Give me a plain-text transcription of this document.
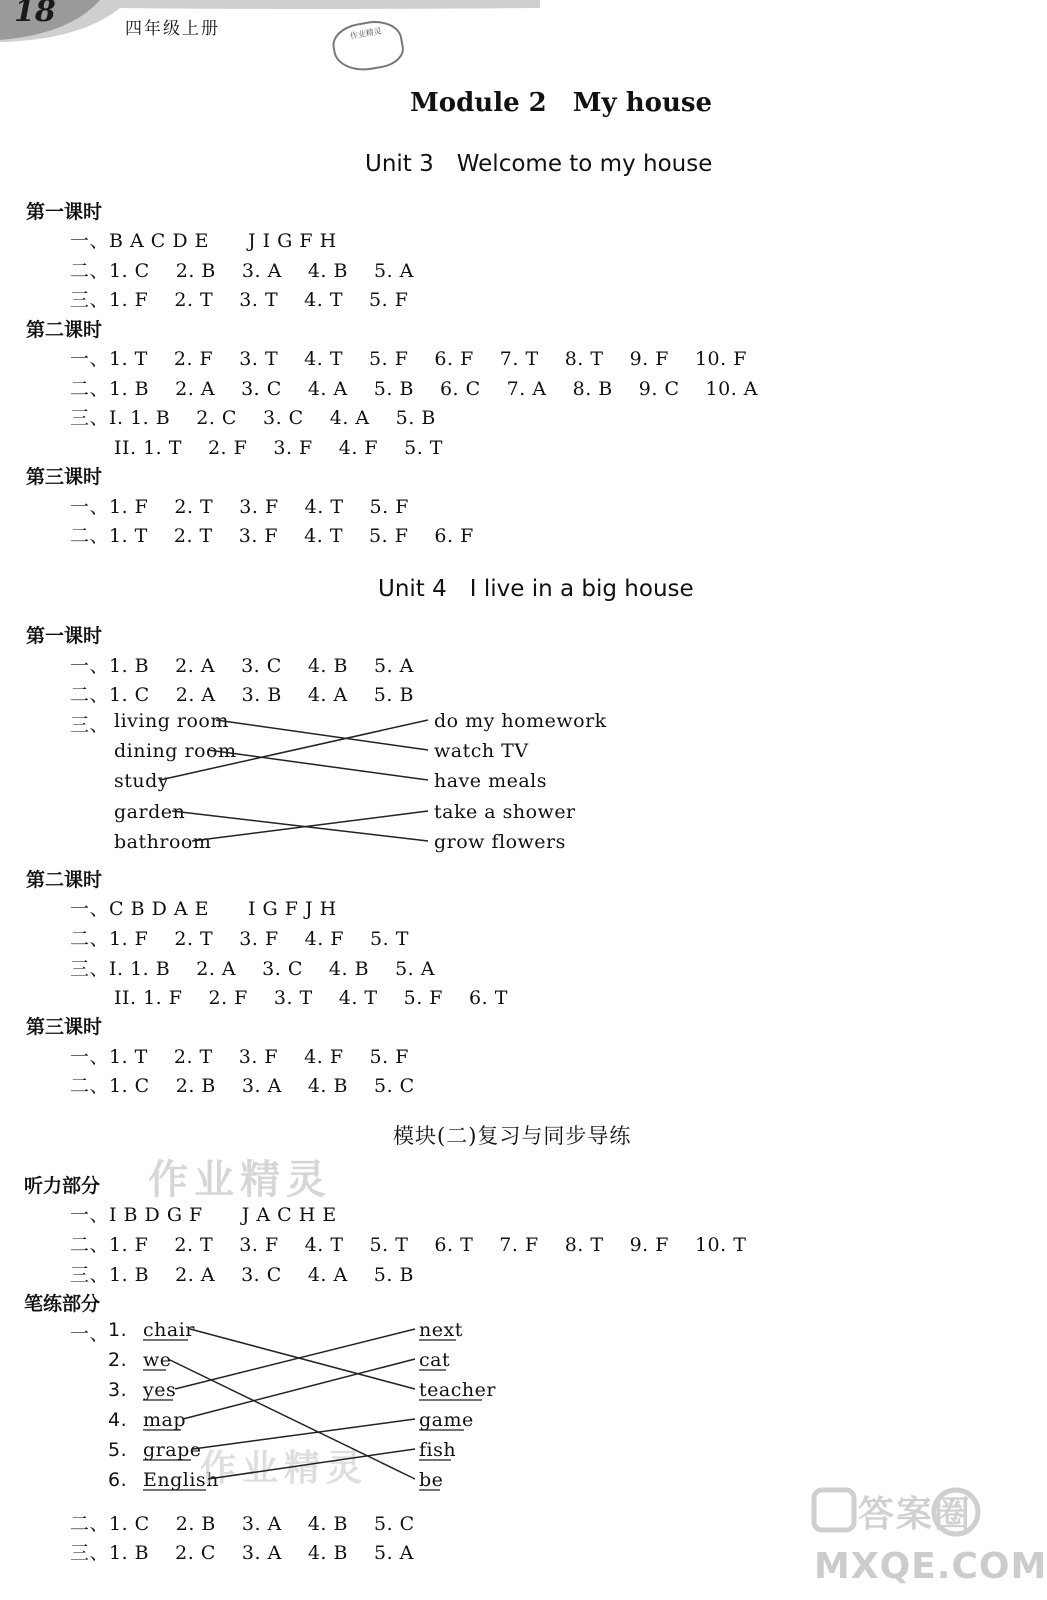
18	四年级上册	作业精灵
Module 2　My house
Unit 3　Welcome to my house
第一课时
一、B A C D E　　J I G F H
二、1. C　 2. B　 3. A　 4. B　 5. A
三、1. F　 2. T　 3. T　 4. T　 5. F
第二课时
一、1. T　 2. F　 3. T　 4. T　 5. F　 6. F　 7. T　 8. T　 9. F　 10. F
二、1. B　 2. A　 3. C　 4. A　 5. B　 6. C　 7. A　 8. B　 9. C　 10. A
三、I. 1. B　 2. C　 3. C　 4. A　 5. B
II. 1. T　 2. F　 3. F　 4. F　 5. T
第三课时
一、1. F　 2. T　 3. F　 4. T　 5. F
二、1. T　 2. T　 3. F　 4. T　 5. F　 6. F
Unit 4　I live in a big house
第一课时
一、1. B　 2. A　 3. C　 4. B　 5. A
二、1. C　 2. A　 3. B　 4. A　 5. B
三、 living room
dining room
study
garden
bathroom
do my homework
watch TV
have meals
take a shower
grow flowers
第二课时
一、C B D A E　　I G F J H
二、1. F　 2. T　 3. F　 4. F　 5. T
三、I. 1. B　 2. A　 3. C　 4. B　 5. A
II. 1. F　 2. F　 3. T　 4. T　 5. F　 6. T
第三课时
一、1. T　 2. T　 3. F　 4. F　 5. F
二、1. C　 2. B　 3. A　 4. B　 5. C
模块(二)复习与同步导练
作业精灵
听力部分
一、I B D G F　　J A C H E
二、1. F　 2. T　 3. F　 4. T　 5. T　 6. T　 7. F　 8. T　 9. F　 10. T
三、1. B　 2. A　 3. C　 4. A　 5. B
笔练部分
一、
1.
2.
3.
4.
5.
6.
chair
we
yes
map
grape
English
next
cat
teacher
game
fish
be
作业精灵
二、1. C　 2. B　 3. A　 4. B　 5. C
三、1. B　 2. C　 3. A　 4. B　 5. A
答案圈
MXQE.COM
